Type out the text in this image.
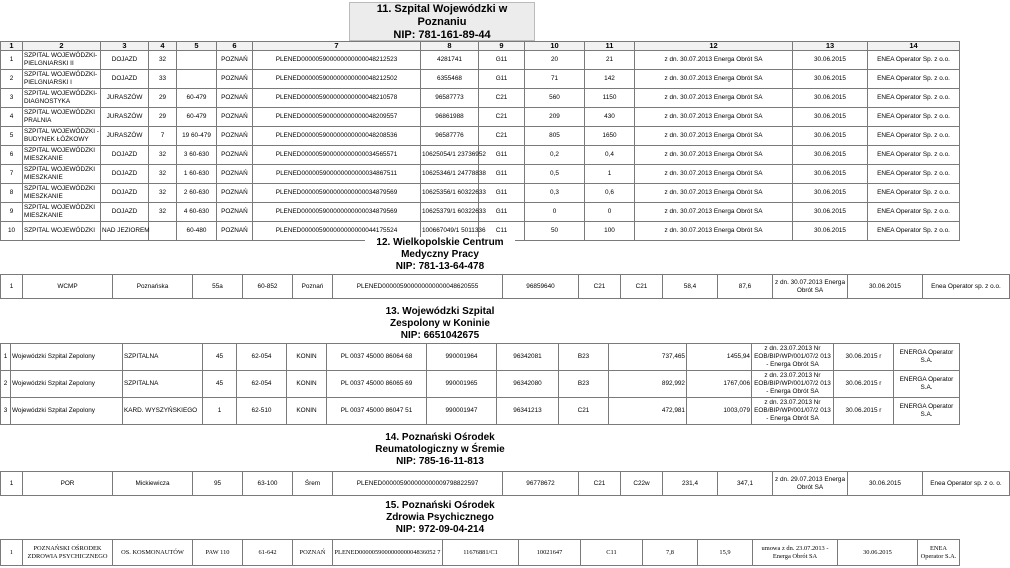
11. Szpital Wojewódzki w
Poznaniu
NIP: 781-161-89-44
1	2	3	4	5	6	7	8	9	10	11	12	13	14
1	SZPITAL WOJEWÓDZKI-PIELGNIARSKI II	DOJAZD	32		POZNAŃ	PLENED000005900000000000048212523	4281741	G11	20	21	z dn. 30.07.2013 Energa Obrót SA	30.06.2015	ENEA Operator Sp. z o.o.
2	SZPITAL WOJEWÓDZKI-PIELGNIARSKI I	DOJAZD	33		POZNAŃ	PLENED000005900000000000048212502	6355468	G11	71	142	z dn. 30.07.2013 Energa Obrót SA	30.06.2015	ENEA Operator Sp. z o.o.
3	SZPITAL WOJEWÓDZKI-DIAGNOSTYKA	JURASZÓW	29	60-479	POZNAŃ	PLENED000005900000000000048210578	96587773	C21	560	1150	z dn. 30.07.2013 Energa Obrót SA	30.06.2015	ENEA Operator Sp. z o.o.
4	SZPITAL WOJEWÓDZKI PRALNIA	JURASZÓW	29	60-479	POZNAŃ	PLENED000005900000000000048209557	96861988	C21	209	430	z dn. 30.07.2013 Energa Obrót SA	30.06.2015	ENEA Operator Sp. z o.o.
5	SZPITAL WOJEWÓDZKI - BUDYNEK ŁÓŻKOWY	JURASZÓW	7	19 60-479	POZNAŃ	PLENED000005900000000000048208536	96587776	C21	805	1650	z dn. 30.07.2013 Energa Obrót SA	30.06.2015	ENEA Operator Sp. z o.o.
6	SZPITAL WOJEWÓDZKI MIESZKANIE	DOJAZD	32	3 60-630	POZNAŃ	PLENED000005900000000000034565571	10625054/1 23736952	G11	0,2	0,4	z dn. 30.07.2013 Energa Obrót SA	30.06.2015	ENEA Operator Sp. z o.o.
7	SZPITAL WOJEWÓDZKI MIESZKANIE	DOJAZD	32	1 60-630	POZNAŃ	PLENED000005900000000000034867511	10625346/1 24778838	G11	0,5	1	z dn. 30.07.2013 Energa Obrót SA	30.06.2015	ENEA Operator Sp. z o.o.
8	SZPITAL WOJEWÓDZKI MIESZKANIE	DOJAZD	32	2 60-630	POZNAŃ	PLENED000005900000000000034879569	10625356/1 60322633	G11	0,3	0,6	z dn. 30.07.2013 Energa Obrót SA	30.06.2015	ENEA Operator Sp. z o.o.
9	SZPITAL WOJEWÓDZKI MIESZKANIE	DOJAZD	32	4 60-630	POZNAŃ	PLENED000005900000000000034879569	10625379/1 60322633	G11	0	0	z dn. 30.07.2013 Energa Obrót SA	30.06.2015	ENEA Operator Sp. z o.o.
10	SZPITAL WOJEWÓDZKI	NAD JEZIOREM		60-480	POZNAŃ	PLENED000005900000000000044175524	100667049/1 5011336	C11	50	100	z dn. 30.07.2013 Energa Obrót SA	30.06.2015	ENEA Operator Sp. z o.o.
12. Wielkopolskie Centrum
Medyczny Pracy
NIP: 781-13-64-478
1	WCMP	Poznańska	55a	60-852	Poznań	PLENED000005900000000000048620555	96859640	C21	C21	58,4	87,6	z dn. 30.07.2013 Energa Obrót SA	30.06.2015	Enea Operator sp. z o.o.
13. Wojewódzki Szpital
Zespolony w Koninie
NIP: 6651042675
1	Wojewódzki Szpital Zepolony	SZPITALNA	45	62-054	KONIN	PL 0037 45000 86064 68	990001964	96342081	B23	737,465	1455,94	z dn. 23.07.2013 Nr EOB/BIP/WP/001/07/2 013 - Energa Obrót SA	30.06.2015 r	ENERGA Operator S.A.
2	Wojewódzki Szpital Zepolony	SZPITALNA	45	62-054	KONIN	PL 0037 45000 86065 69	990001965	96342080	B23	892,992	1767,006	z dn. 23.07.2013 Nr EOB/BIP/WP/001/07/2 013 - Energa Obrót SA	30.06.2015 r	ENERGA Operator S.A.
3	Wojewódzki Szpital Zepolony	KARD. WYSZYŃSKIEGO	1	62-510	KONIN	PL 0037 45000 86047 51	990001947	96341213	C21	472,981	1003,079	z dn. 23.07.2013 Nr EOB/BIP/WP/001/07/2 013 - Energa Obrót SA	30.06.2015 r	ENERGA Operator S.A.
14. Poznański Ośrodek
Reumatologiczny w Śremie
NIP: 785-16-11-813
1	POR	Mickiewicza	95	63-100	Śrem	PLENED000005900000000009798822597	96778672	C21	C22w	231,4	347,1	z dn. 29.07.2013 Energa Obrót SA	30.06.2015	Enea Operator sp. z o. o.
15. Poznański Ośrodek
Zdrowia Psychicznego
NIP: 972-09-04-214
1	POZNAŃSKI OŚRODEK ZDROWIA PSYCHICZNEGO	OS. KOSMONAUTÓW	PAW 110	61-642	POZNAŃ	PLENED000005900000000004836052 7	11676881/C1	10021647	C11	7,8	15,9	umowa z dn. 23.07.2013 - Energa Obrót SA	30.06.2015	ENEA Operator S.A.
